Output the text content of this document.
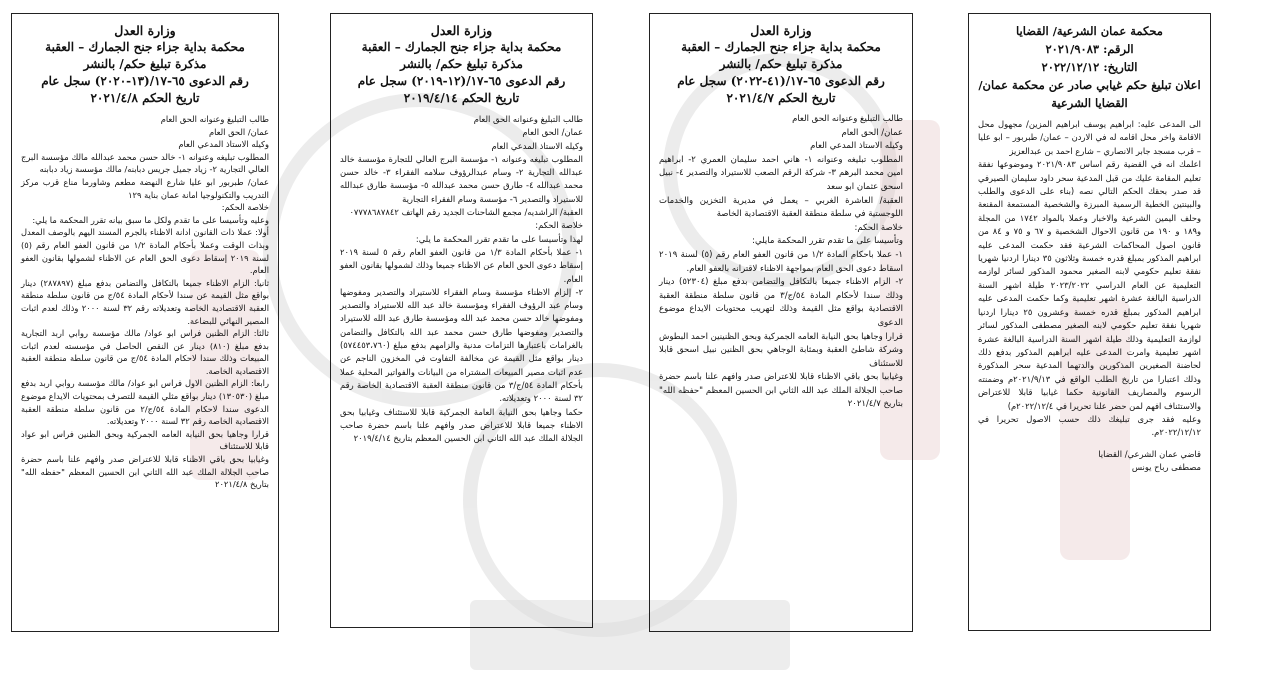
محكمة عمان الشرعية/ القضايا

الرقم: ٢٠٢١/٩٠٨٣

التاريخ: ٢٠٢٢/١٢/١٢

اعلان تبليغ حكم غيابي صادر عن محكمة عمان/ القضايا الشرعية

الى المدعى عليه: ابراهيم يوسف ابراهيم المزين/ مجهول محل الاقامة واخر محل اقامه له في الاردن – عمان/ طبربور – ابو عليا – قرب مسجد جابر الانصاري – شارع احمد بن عبدالعزيز

اعلمك انه في القضية رقم اساس ٢٠٢١/٩٠٨٣ وموضوعها نفقة تعليم المقامة عليك من قبل المدعية سحر داود سليمان الصيرفي قد صدر بحقك الحكم التالي نصه (بناء على الدعوى والطلب والبينتين الخطية الرسمية المبرزة والشخصية المستمعة المقنعة وحلف اليمين الشرعية والاخبار وعملا بالمواد ١٧٤٢ من المجلة و١٨٩ و ١٩٠ من قانون الاحوال الشخصية و ٦٧ و ٧٥ و ٨٤ من قانون اصول المحاكمات الشرعية فقد حكمت المدعى عليه ابراهيم المذكور بمبلغ قدره خمسة وثلاثون ٣٥ دينارا اردنيا شهريا نفقة تعليم حكومي لابنه الصغير محمود المذكور لسائر لوازمه التعليمية عن العام الدراسي ٢٠٢٣/٢٠٢٢ طيلة اشهر السنة الدراسية البالغة عشرة اشهر تعليمية وكما حكمت المدعى عليه ابراهيم المذكور بمبلغ قدره خمسة وعشرون ٢٥ دينارا اردنيا شهريا نفقة تعليم حكومي لابنه الصغير مصطفى المذكور لسائر لوازمة التعليمية وذلك طيلة اشهر السنة الدراسية البالغة عشرة اشهر تعليمية وامرت المدعى عليه ابراهيم المذكور بدفع ذلك لحاضنة الصغيرين المذكورين والدتهما المدعية سحر المذكورة وذلك اعتبارا من تاريخ الطلب الواقع في ٢٠٢١/٩/١٣م وضمنته الرسوم والمصاريف القانونية حكما غيابيا قابلا للاعتراض والاستئناف افهم لمن حضر علنا تحريرا في ٢٠٢٢/١٢/٤م)

وعليه فقد جرى تبليغك ذلك حسب الاصول تحريرا في ٢٠٢٢/١٢/١٢م.

قاضي عمان الشرعي/ القضايا

مصطفى رباح يونس

وزارة العدل

محكمة بداية جزاء جنح الجمارك – العقبة

مذكرة تبليغ حكم/ بالنشر

رقم الدعوى ٦٥-١٧/(٤١-٢٠٢٢) سجل عام

تاريخ الحكم ٢٠٢١/٤/٧

طالب التبليغ وعنوانه الحق العام

عمان/ الحق العام

وكيله الاستاذ المدعي العام

المطلوب تبليغه وعنوانه ١- هاني احمد سليمان العمري ٢- ابراهيم امين محمد البرهم ٣- شركة الرقم الصعب للاستيراد والتصدير ٤- نبيل اسحق عثمان ابو سعد

العقبة/ العاشرة الغربي – يعمل في مديرية التخزين والخدمات اللوجستية في سلطة منطقة العقبة الاقتصادية الخاصة

خلاصة الحكم:

وتأسيسا على ما تقدم تقرر المحكمة مايلي:

١- عملا باحكام المادة ١/٢ من قانون العفو العام رقم (٥) لسنة ٢٠١٩ اسقاط دعوى الحق العام بمواجهة الاظناء لاقترانه بالعفو العام.

٢- الزام الاظناء جميعا بالتكافل والتضامن بدفع مبلغ (٥٢٣٠٤) دينار وذلك سندا لأحكام المادة ٥٤/ج/٣ من قانون سلطة منطقة العقبة الاقتصادية بواقع مثل القيمة وذلك لتهريب محتويات الايداع موضوع الدعوى

قرارا وجاهيا بحق النيابة العامه الجمركية وبحق الظنينين احمد البطوش وشركة شاطئ العقبة وبمثابة الوجاهي بحق الظنين نبيل اسحق قابلا للاستئناف

وغيابيا بحق باقي الاظناء قابلا للاعتراض صدر وافهم علنا باسم حضرة صاحب الجلالة الملك عبد الله الثاني ابن الحسين المعظم "حفظه الله" بتاريخ ٢٠٢١/٤/٧

وزارة العدل

محكمة بداية جزاء جنح الجمارك – العقبة

مذكرة تبليغ حكم/ بالنشر

رقم الدعوى ٦٥-١٧/(١٢-٢٠١٩) سجل عام

تاريخ الحكم ٢٠١٩/٤/١٤

طالب التبليغ وعنوانه الحق العام

عمان/ الحق العام

وكيله الاستاذ المدعي العام

المطلوب تبليغه وعنوانه ١- مؤسسة البرج العالي للتجارة مؤسسة خالد عبدالله التجارية ٢- وسام عبدالرؤوف سلامه الفقراء ٣- خالد حسن محمد عبدالله ٤- طارق حسن محمد عبدالله ٥- مؤسسة طارق عبدالله للاستيراد والتصدير ٦- مؤسسة وسام الفقراء التجارية

العقبة/ الراشديه/ مجمع الشاحنات الجديد رقم الهاتف ٠٧٧٧٨٦٨٧٨٤٢

خلاصة الحكم:

لهذا وتأسيسا على ما تقدم تقرر المحكمة ما يلي:

١- عملا بأحكام المادة ١/٣ من قانون العفو العام رقم ٥ لسنة ٢٠١٩ إسقاط دعوى الحق العام عن الاظناء جميعا وذلك لشمولها بقانون العفو العام.

٢- إلزام الاظناء مؤسسة وسام الفقراء للاستيراد والتصدير ومفوضها وسام عبد الرؤوف الفقراء ومؤسسة خالد عبد الله للاستيراد والتصدير ومفوضها خالد حسن محمد عبد الله ومؤسسة طارق عبد الله للاستيراد والتصدير ومفوضها طارق حسن محمد عبد الله بالتكافل والتضامن بالغرامات باعتبارها التزامات مدنية والزامهم بدفع مبلغ (٥٧٤٤٥٣،٧٦٠) دينار بواقع مثل القيمة عن مخالفة التفاوت في المخزون الناجم عن عدم اثبات مصير المبيعات المشتراه من البيانات والفواتير المحلية عملا بأحكام المادة ٥٤/ج/٣ من قانون منطقة العقبة الاقتصادية الخاصة رقم ٣٢ لسنة ٢٠٠٠ وتعديلاته.

حكما وجاهيا بحق النيابة العامة الجمركية قابلا للاستئناف وغيابيا بحق الاظناء جميعا قابلا للاعتراض صدر وافهم علنا باسم حضرة صاحب الجلالة الملك عبد الله الثاني ابن الحسين المعظم بتاريخ ٢٠١٩/٤/١٤

وزارة العدل

محكمة بداية جزاء جنح الجمارك – العقبة

مذكرة تبليغ حكم/ بالنشر

رقم الدعوى ٦٥-١٧/(١٣-٢٠٢٠) سجل عام

تاريخ الحكم ٢٠٢١/٤/٨

طالب التبليغ وعنوانه الحق العام

عمان/ الحق العام

وكيله الاستاذ المدعي العام

المطلوب تبليغه وعنوانه ١- خالد حسن محمد عبدالله مالك مؤسسة البرج العالي التجارية ٢- زياد جميل جريس دبابنه/ مالك مؤسسة زياد دبابنه

عمان/ طبربور ابو عليا شارع النهضة مطعم وشاورما مناع قرب مركز التدريب والتكنولوجيا امانة عمان بناية ١٢٩

خلاصة الحكم:

وعليه وتأسيسا على ما تقدم ولكل ما سبق بيانه تقرر المحكمة ما يلي:

أولا: عملا ذات القانون ادانة الاظناء بالجرم المسند اليهم بالوصف المعدل وبذات الوقت وعملا بأحكام المادة ١/٢ من قانون العفو العام رقم (٥) لسنة ٢٠١٩ إسقاط دعوى الحق العام عن الاظناء لشمولها بقانون العفو العام.

ثانيا: الزام الاظناء جميعا بالتكافل والتضامن بدفع مبلغ (٢٨٧٨٩٧) دينار بواقع مثل القيمة عن سندا لأحكام المادة ٥٤/ج من قانون سلطة منطقة العقبة الاقتصادية الخاصة وتعديلاته رقم ٣٢ لسنة ٢٠٠٠ وذلك لعدم اثبات المصير النهائي للبضاعة.

ثالثا: الزام الظنين فراس ابو عواد/ مالك مؤسسة روابي اربد التجارية بدفع مبلغ (٨١٠) دينار عن النقص الحاصل في مؤسسته لعدم اثبات المبيعات وذلك سندا لاحكام المادة ٥٤/ج من قانون سلطة منطقة العقبة الاقتصادية الخاصة.

رابعا: الزام الظنين الاول فراس ابو عواد/ مالك مؤسسة روابي اربد بدفع مبلغ (١٣٠٥٣٠) دينار بواقع مثلي القيمة للتصرف بمحتويات الايداع موضوع الدعوى سندا لاحكام المادة ٥٤/ج/٢ من قانون سلطة منطقة العقبة الاقتصادية الخاصة رقم ٣٢ لسنة ٢٠٠٠ وتعديلاته.

قرارا وجاهيا بحق النيابة العامه الجمركية وبحق الظنين فراس ابو عواد قابلا للاستئناف

وغيابيا بحق باقي الاظناء قابلا للاعتراض صدر وافهم علنا باسم حضرة صاحب الجلالة الملك عبد الله الثاني ابن الحسين المعظم "حفظه الله" بتاريخ ٢٠٢١/٤/٨
